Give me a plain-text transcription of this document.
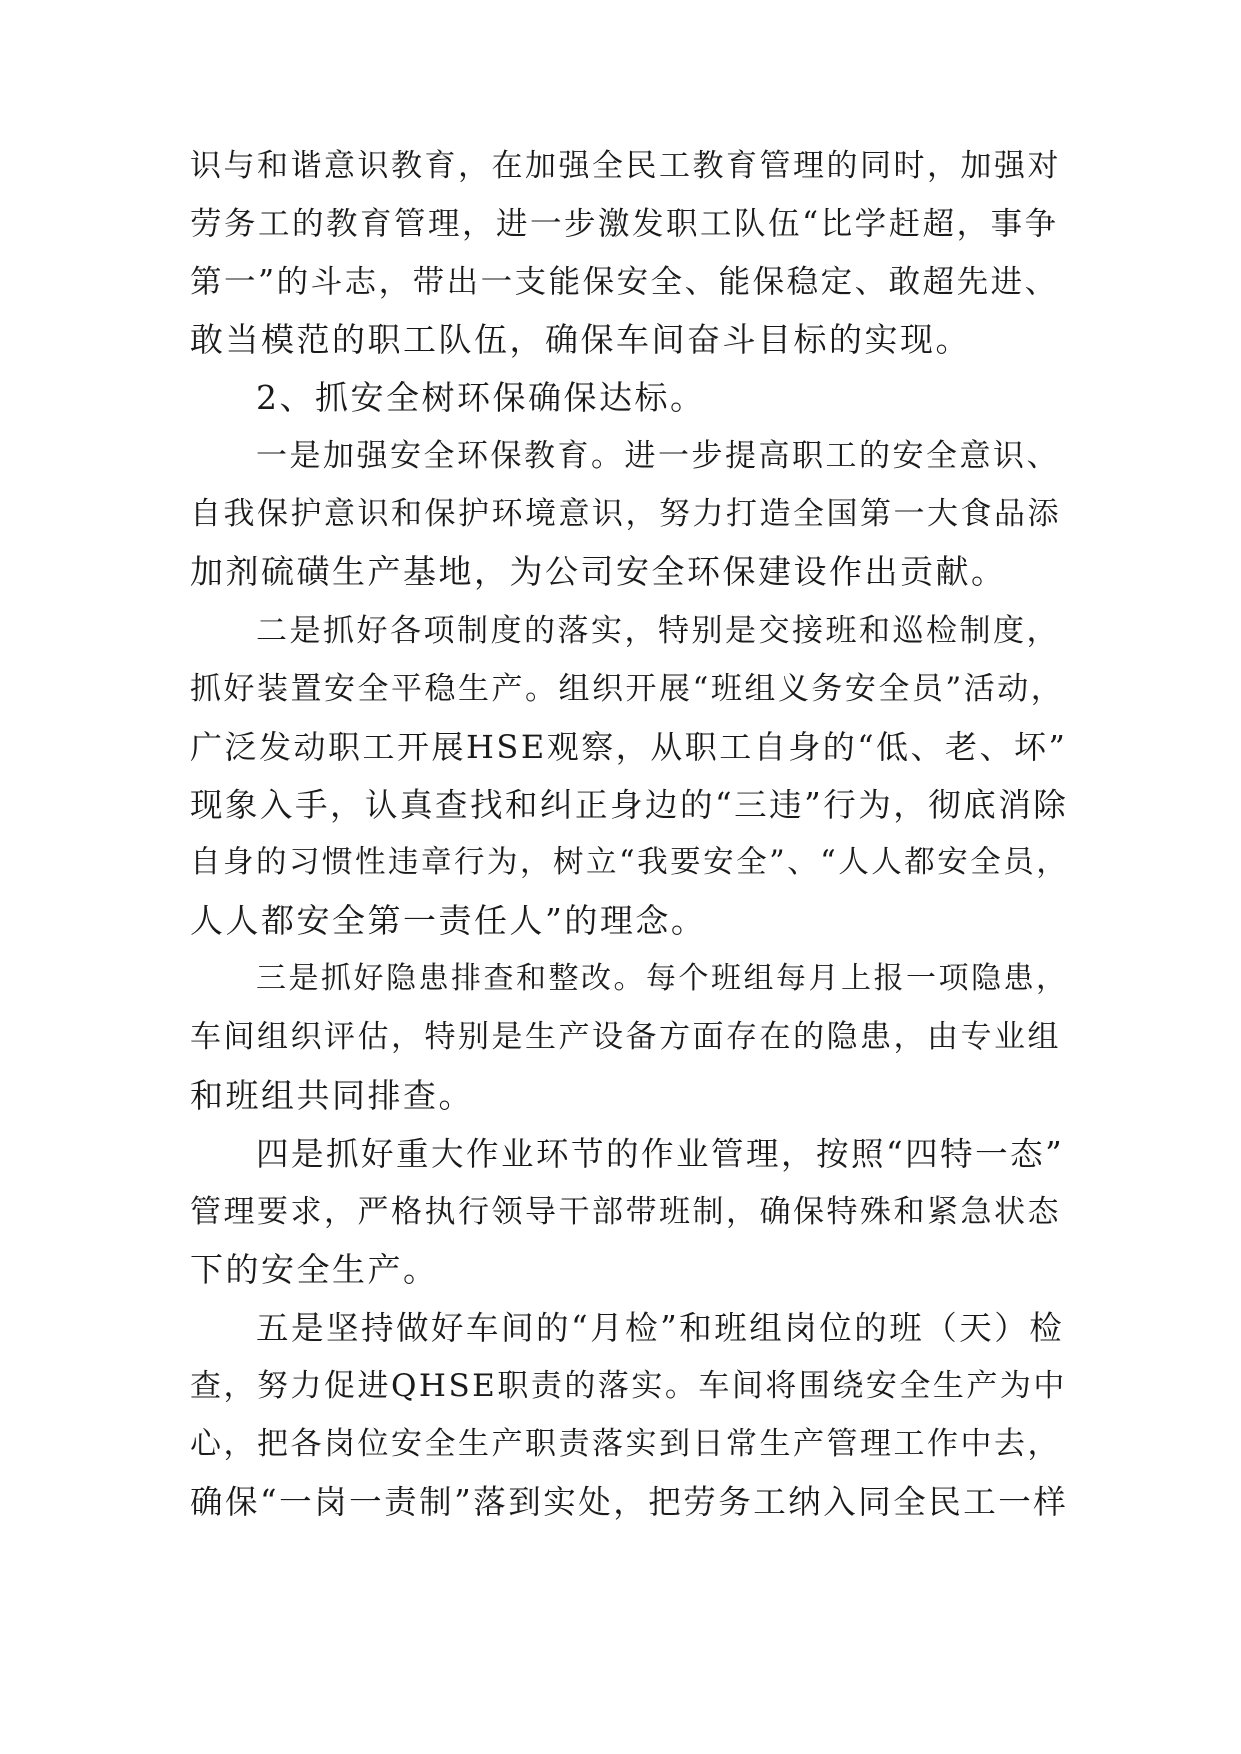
识与和谐意识教育，在加强全民工教育管理的同时，加强对
劳务工的教育管理，进一步激发职工队伍“比学赶超，事争
第一”的斗志，带出一支能保安全、能保稳定、敢超先进、
敢当模范的职工队伍，确保车间奋斗目标的实现。
2、抓安全树环保确保达标。
一是加强安全环保教育。进一步提高职工的安全意识、
自我保护意识和保护环境意识，努力打造全国第一大食品添
加剂硫磺生产基地，为公司安全环保建设作出贡献。
二是抓好各项制度的落实，特别是交接班和巡检制度，
抓好装置安全平稳生产。组织开展“班组义务安全员”活动，
广泛发动职工开展HSE观察，从职工自身的“低、老、坏”
现象入手，认真查找和纠正身边的“三违”行为，彻底消除
自身的习惯性违章行为，树立“我要安全”、“人人都安全员，
人人都安全第一责任人”的理念。
三是抓好隐患排查和整改。每个班组每月上报一项隐患，
车间组织评估，特别是生产设备方面存在的隐患，由专业组
和班组共同排查。
四是抓好重大作业环节的作业管理，按照“四特一态”
管理要求，严格执行领导干部带班制，确保特殊和紧急状态
下的安全生产。
五是坚持做好车间的“月检”和班组岗位的班（天）检
查，努力促进QHSE职责的落实。车间将围绕安全生产为中
心，把各岗位安全生产职责落实到日常生产管理工作中去，
确保“一岗一责制”落到实处，把劳务工纳入同全民工一样
